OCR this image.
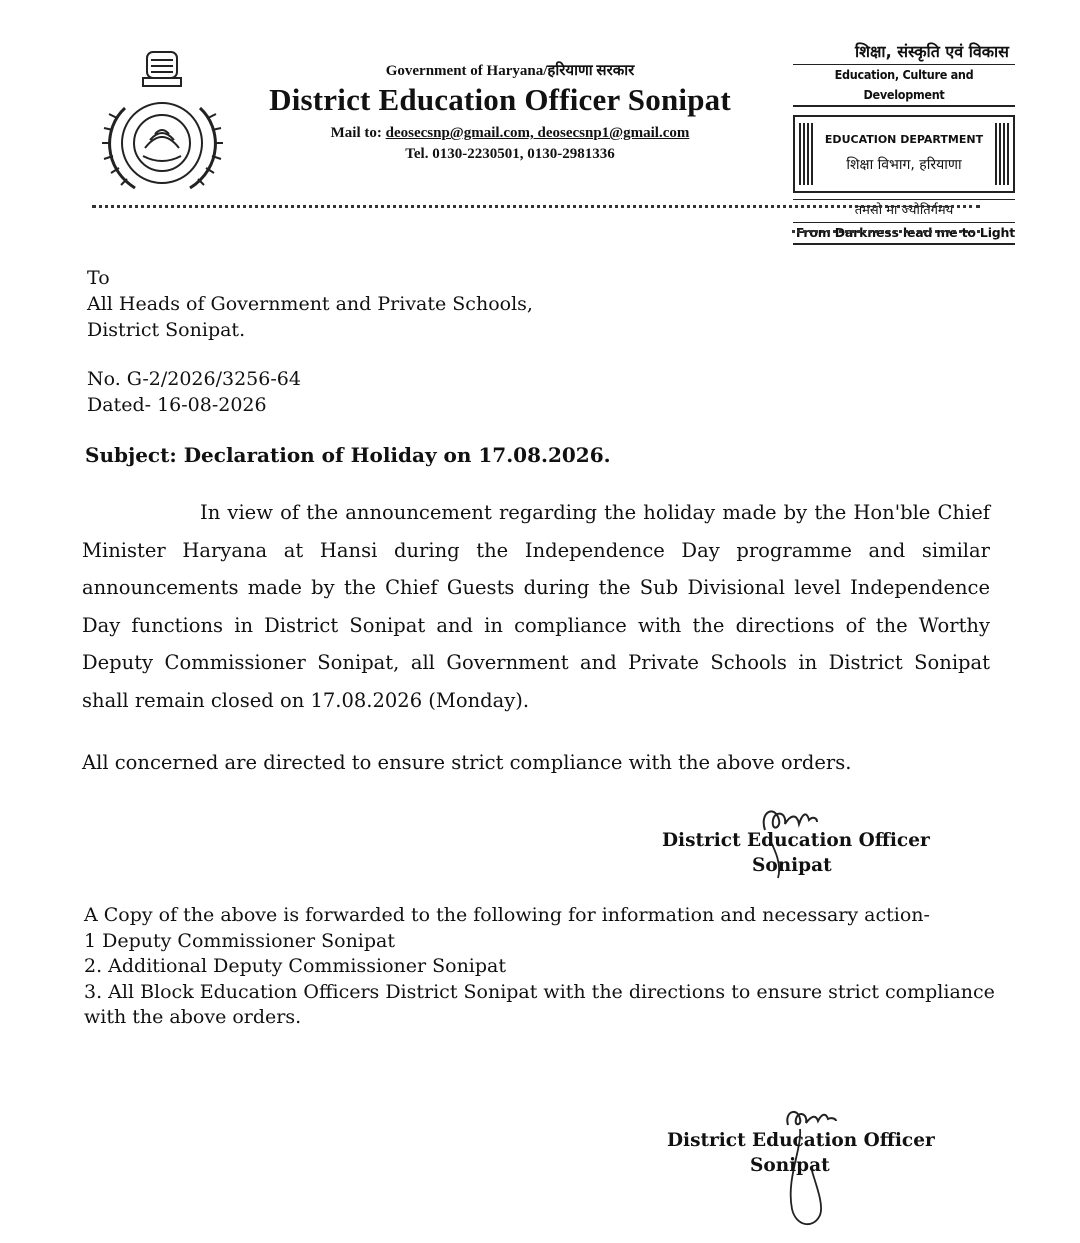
Government of Haryana/हरियाणा सरकार
District Education Officer Sonipat
Mail to: deosecsnp@gmail.com, deosecsnp1@gmail.com
Tel. 0130-2230501, 0130-2981336
शिक्षा, संस्कृति एवं विकास
Education, Culture and Development
EDUCATION DEPARTMENT
शिक्षा विभाग, हरियाणा
तमसो मा ज्योतिर्गमय
From Darkness lead me to Light
To
All Heads of Government and Private Schools,
District Sonipat.
No. G-2/2026/3256-64
Dated- 16-08-2026
Subject: Declaration of Holiday on 17.08.2026.
In view of the announcement regarding the holiday made by the Hon'ble Chief Minister Haryana at Hansi during the Independence Day programme and similar announcements made by the Chief Guests during the Sub Divisional level Independence Day functions in District Sonipat and in compliance with the directions of the Worthy Deputy Commissioner Sonipat, all Government and Private Schools in District Sonipat shall remain closed on 17.08.2026 (Monday).
All concerned are directed to ensure strict compliance with the above orders.
District Education Officer
Sonipat
A Copy of the above is forwarded to the following for information and necessary action-
1 Deputy Commissioner Sonipat
2. Additional Deputy Commissioner Sonipat
3. All Block Education Officers District Sonipat with the directions to ensure strict compliance with the above orders.
District Education Officer
Sonipat
